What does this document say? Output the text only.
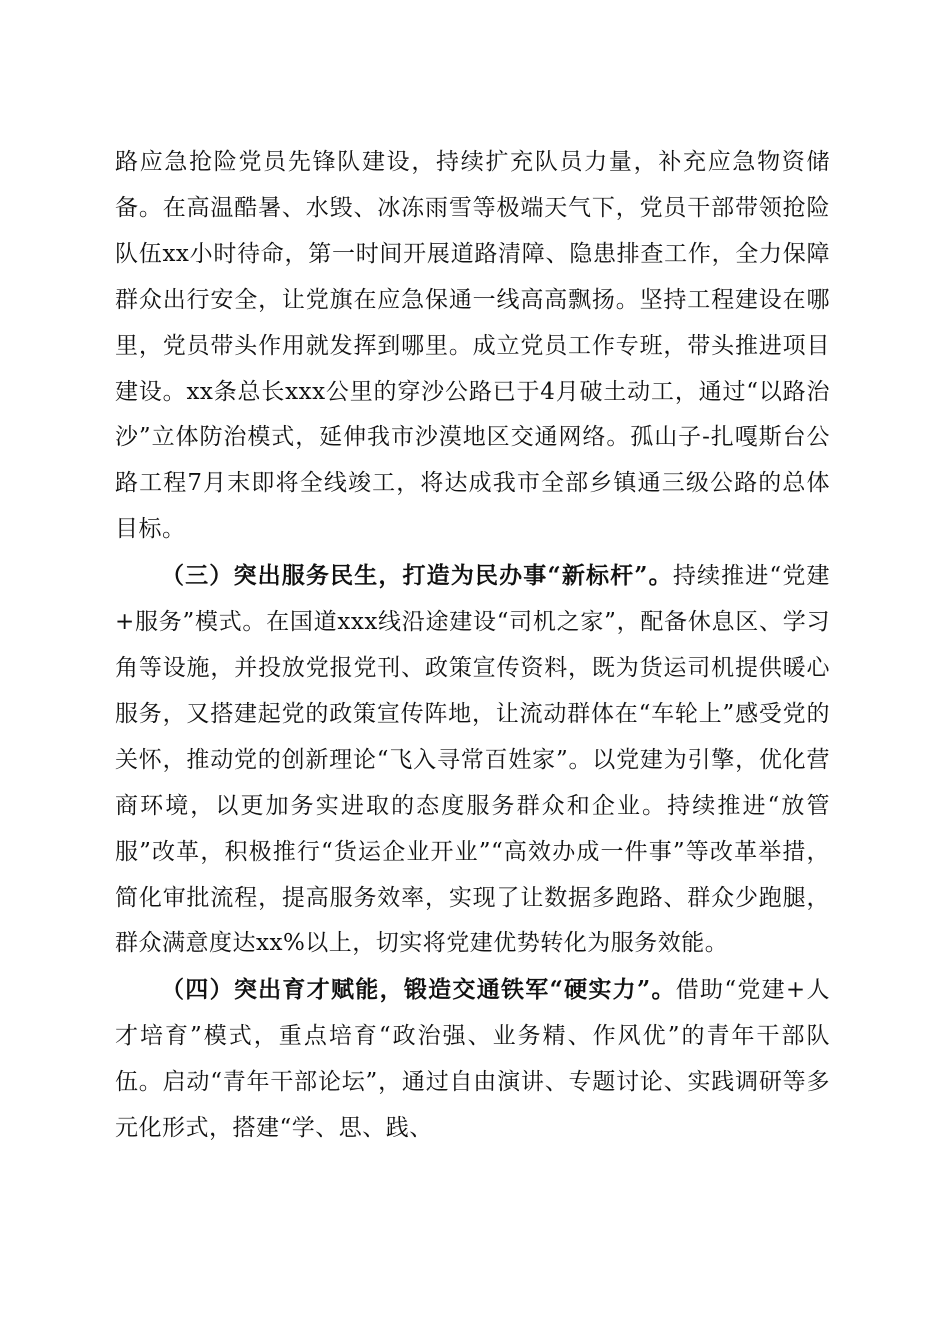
路应急抢险党员先锋队建设，持续扩充队员力量，补充应急物资储备。在高温酷暑、水毁、冰冻雨雪等极端天气下，党员干部带领抢险队伍xx小时待命，第一时间开展道路清障、隐患排查工作，全力保障群众出行安全，让党旗在应急保通一线高高飘扬。坚持工程建设在哪里，党员带头作用就发挥到哪里。成立党员工作专班，带头推进项目建设。xx条总长xxx公里的穿沙公路已于4月破土动工，通过“以路治沙”立体防治模式，延伸我市沙漠地区交通网络。孤山子-扎嘎斯台公路工程7月末即将全线竣工，将达成我市全部乡镇通三级公路的总体目标。

（三）突出服务民生，打造为民办事“新标杆”。持续推进“党建+服务”模式。在国道xxx线沿途建设“司机之家”，配备休息区、学习角等设施，并投放党报党刊、政策宣传资料，既为货运司机提供暖心服务，又搭建起党的政策宣传阵地，让流动群体在“车轮上”感受党的关怀，推动党的创新理论“飞入寻常百姓家”。以党建为引擎，优化营商环境，以更加务实进取的态度服务群众和企业。持续推进“放管服”改革，积极推行“货运企业开业”“高效办成一件事”等改革举措，简化审批流程，提高服务效率，实现了让数据多跑路、群众少跑腿，群众满意度达xx%以上，切实将党建优势转化为服务效能。

（四）突出育才赋能，锻造交通铁军“硬实力”。借助“党建+人才培育”模式，重点培育“政治强、业务精、作风优”的青年干部队伍。启动“青年干部论坛”，通过自由演讲、专题讨论、实践调研等多元化形式，搭建“学、思、践、
